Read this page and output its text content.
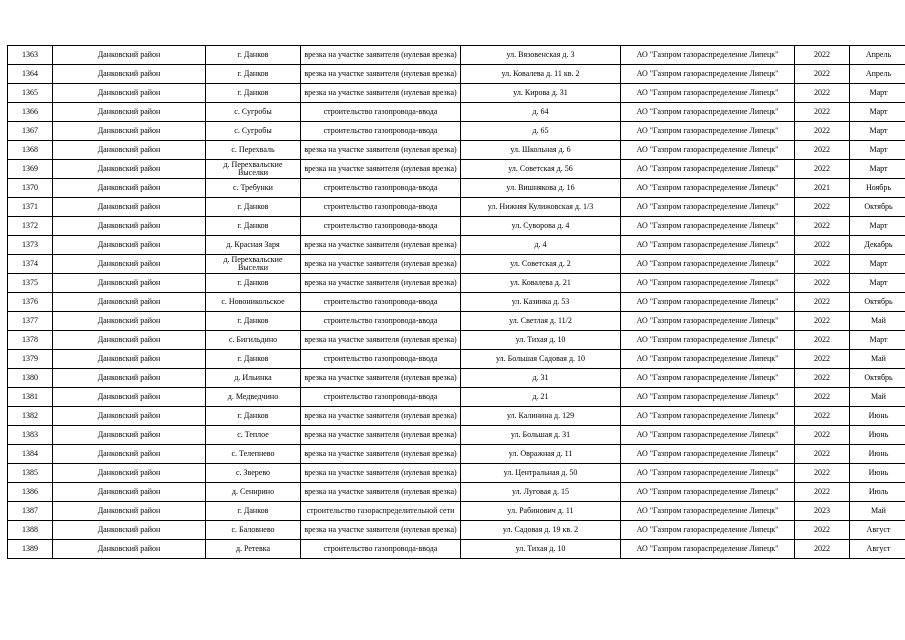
1363	Данковский район	г. Данков	врезка на участке заявителя (нулевая врезка)	ул. Вязовенская д. 3	АО "Газпром газораспределение Липецк"	2022	Апрель
1364	Данковский район	г. Данков	врезка на участке заявителя (нулевая врезка)	ул. Ковалева д. 11 кв. 2	АО "Газпром газораспределение Липецк"	2022	Апрель
1365	Данковский район	г. Данков	врезка на участке заявителя (нулевая врезка)	ул. Кирова д. 31	АО "Газпром газораспределение Липецк"	2022	Март
1366	Данковский район	с. Сугробы	строительство газопровода-ввода	д. 64	АО "Газпром газораспределение Липецк"	2022	Март
1367	Данковский район	с. Сугробы	строительство газопровода-ввода	д. 65	АО "Газпром газораспределение Липецк"	2022	Март
1368	Данковский район	с. Перехваль	врезка на участке заявителя (нулевая врезка)	ул. Школьная д. 6	АО "Газпром газораспределение Липецк"	2022	Март
1369	Данковский район	д. Перехвальские Выселки	врезка на участке заявителя (нулевая врезка)	ул. Советская д. 56	АО "Газпром газораспределение Липецк"	2022	Март
1370	Данковский район	с. Требунки	строительство газопровода-ввода	ул. Вишнякова д. 16	АО "Газпром газораспределение Липецк"	2021	Ноябрь
1371	Данковский район	г. Данков	строительство газопровода-ввода	ул. Нижняя Кулижовская д. 1/3	АО "Газпром газораспределение Липецк"	2022	Октябрь
1372	Данковский район	г. Данков	строительство газопровода-ввода	ул. Суворова д. 4	АО "Газпром газораспределение Липецк"	2022	Март
1373	Данковский район	д. Красная Заря	врезка на участке заявителя (нулевая врезка)	д. 4	АО "Газпром газораспределение Липецк"	2022	Декабрь
1374	Данковский район	д. Перехвальские Выселки	врезка на участке заявителя (нулевая врезка)	ул. Советская д. 2	АО "Газпром газораспределение Липецк"	2022	Март
1375	Данковский район	г. Данков	врезка на участке заявителя (нулевая врезка)	ул. Ковалева д. 21	АО "Газпром газораспределение Липецк"	2022	Март
1376	Данковский район	с. Новоникольское	строительство газопровода-ввода	ул. Казинка д. 53	АО "Газпром газораспределение Липецк"	2022	Октябрь
1377	Данковский район	г. Данков	строительство газопровода-ввода	ул. Светлая д. 11/2	АО "Газпром газораспределение Липецк"	2022	Май
1378	Данковский район	с. Бигильдино	врезка на участке заявителя (нулевая врезка)	ул. Тихая д. 10	АО "Газпром газораспределение Липецк"	2022	Март
1379	Данковский район	г. Данков	строительство газопровода-ввода	ул. Большая Садовая д. 10	АО "Газпром газораспределение Липецк"	2022	Май
1380	Данковский район	д. Ильинка	врезка на участке заявителя (нулевая врезка)	д. 31	АО "Газпром газораспределение Липецк"	2022	Октябрь
1381	Данковский район	д. Медведчино	строительство газопровода-ввода	д. 21	АО "Газпром газораспределение Липецк"	2022	Май
1382	Данковский район	г. Данков	врезка на участке заявителя (нулевая врезка)	ул. Калинина д. 129	АО "Газпром газораспределение Липецк"	2022	Июнь
1383	Данковский район	с. Теплое	врезка на участке заявителя (нулевая врезка)	ул. Большая д. 31	АО "Газпром газораспределение Липецк"	2022	Июнь
1384	Данковский район	с. Телепнево	врезка на участке заявителя (нулевая врезка)	ул. Овражная д. 11	АО "Газпром газораспределение Липецк"	2022	Июнь
1385	Данковский район	с. Зверево	врезка на участке заявителя (нулевая врезка)	ул. Центральная д. 50	АО "Газпром газораспределение Липецк"	2022	Июнь
1386	Данковский район	д. Сеннрино	врезка на участке заявителя (нулевая врезка)	ул. Луговая д. 15	АО "Газпром газораспределение Липецк"	2022	Июль
1387	Данковский район	г. Данков	строительство газораспределительной сети	ул. Рабинович д. 11	АО "Газпром газораспределение Липецк"	2023	Май
1388	Данковский район	с. Баловнево	врезка на участке заявителя (нулевая врезка)	ул. Садовая д. 19 кв. 2	АО "Газпром газораспределение Липецк"	2022	Август
1389	Данковский район	д. Ретевка	строительство газопровода-ввода	ул. Тихая д. 10	АО "Газпром газораспределение Липецк"	2022	Август
